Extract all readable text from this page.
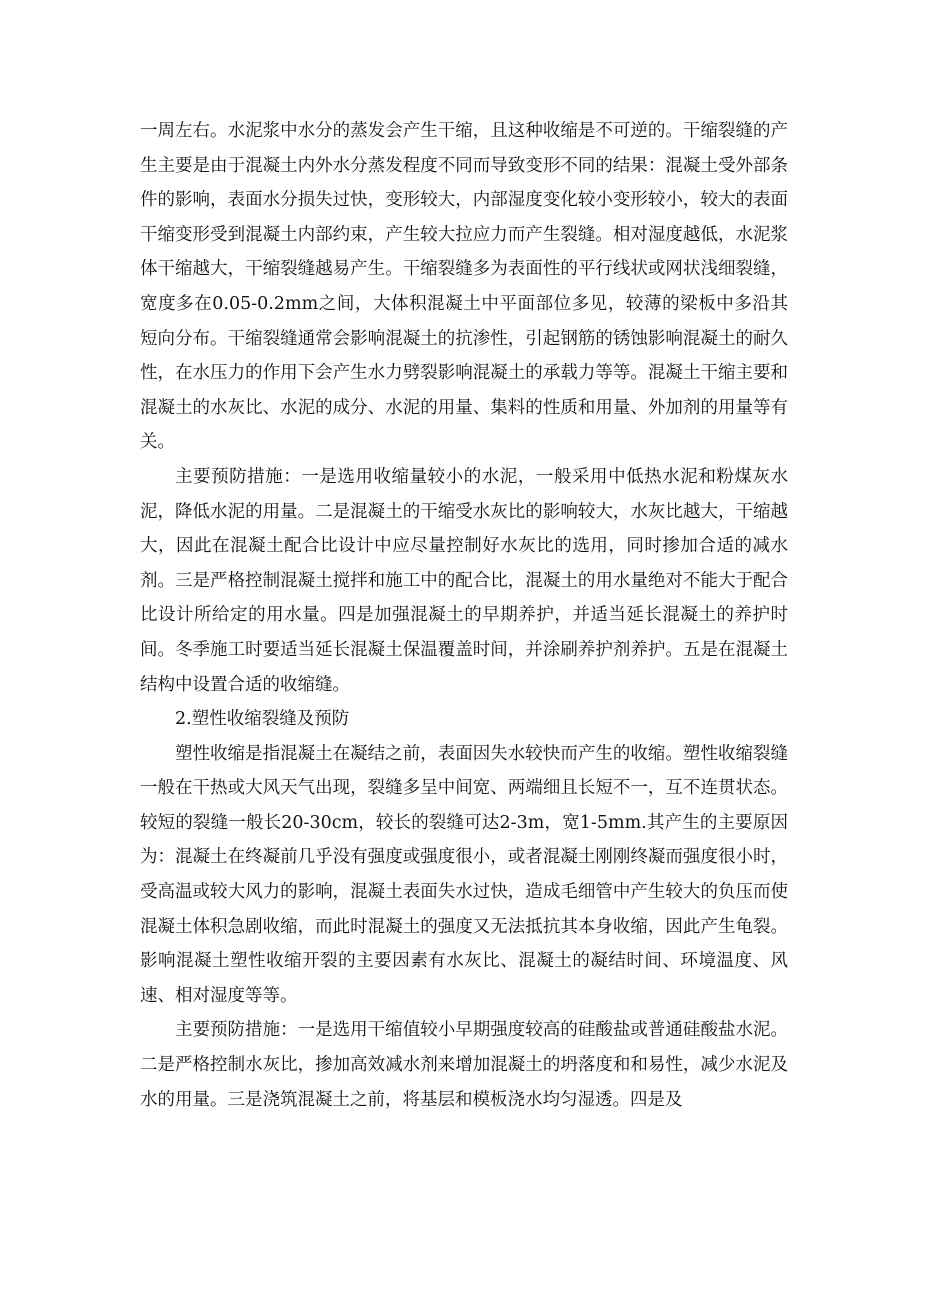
一周左右。水泥浆中水分的蒸发会产生干缩，且这种收缩是不可逆的。干缩裂缝的产生主要是由于混凝土内外水分蒸发程度不同而导致变形不同的结果：混凝土受外部条件的影响，表面水分损失过快，变形较大，内部湿度变化较小变形较小，较大的表面干缩变形受到混凝土内部约束，产生较大拉应力而产生裂缝。相对湿度越低，水泥浆体干缩越大，干缩裂缝越易产生。干缩裂缝多为表面性的平行线状或网状浅细裂缝，宽度多在0.05-0.2mm之间，大体积混凝土中平面部位多见，较薄的梁板中多沿其短向分布。干缩裂缝通常会影响混凝土的抗渗性，引起钢筋的锈蚀影响混凝土的耐久性，在水压力的作用下会产生水力劈裂影响混凝土的承载力等等。混凝土干缩主要和混凝土的水灰比、水泥的成分、水泥的用量、集料的性质和用量、外加剂的用量等有关。

主要预防措施：一是选用收缩量较小的水泥，一般采用中低热水泥和粉煤灰水泥，降低水泥的用量。二是混凝土的干缩受水灰比的影响较大，水灰比越大，干缩越大，因此在混凝土配合比设计中应尽量控制好水灰比的选用，同时掺加合适的减水剂。三是严格控制混凝土搅拌和施工中的配合比，混凝土的用水量绝对不能大于配合比设计所给定的用水量。四是加强混凝土的早期养护，并适当延长混凝土的养护时间。冬季施工时要适当延长混凝土保温覆盖时间，并涂刷养护剂养护。五是在混凝土结构中设置合适的收缩缝。

2.塑性收缩裂缝及预防

塑性收缩是指混凝土在凝结之前，表面因失水较快而产生的收缩。塑性收缩裂缝一般在干热或大风天气出现，裂缝多呈中间宽、两端细且长短不一，互不连贯状态。较短的裂缝一般长20-30cm，较长的裂缝可达2-3m，宽1-5mm.其产生的主要原因为：混凝土在终凝前几乎没有强度或强度很小，或者混凝土刚刚终凝而强度很小时，受高温或较大风力的影响，混凝土表面失水过快，造成毛细管中产生较大的负压而使混凝土体积急剧收缩，而此时混凝土的强度又无法抵抗其本身收缩，因此产生龟裂。影响混凝土塑性收缩开裂的主要因素有水灰比、混凝土的凝结时间、环境温度、风速、相对湿度等等。

主要预防措施：一是选用干缩值较小早期强度较高的硅酸盐或普通硅酸盐水泥。二是严格控制水灰比，掺加高效减水剂来增加混凝土的坍落度和和易性，减少水泥及水的用量。三是浇筑混凝土之前，将基层和模板浇水均匀湿透。四是及
